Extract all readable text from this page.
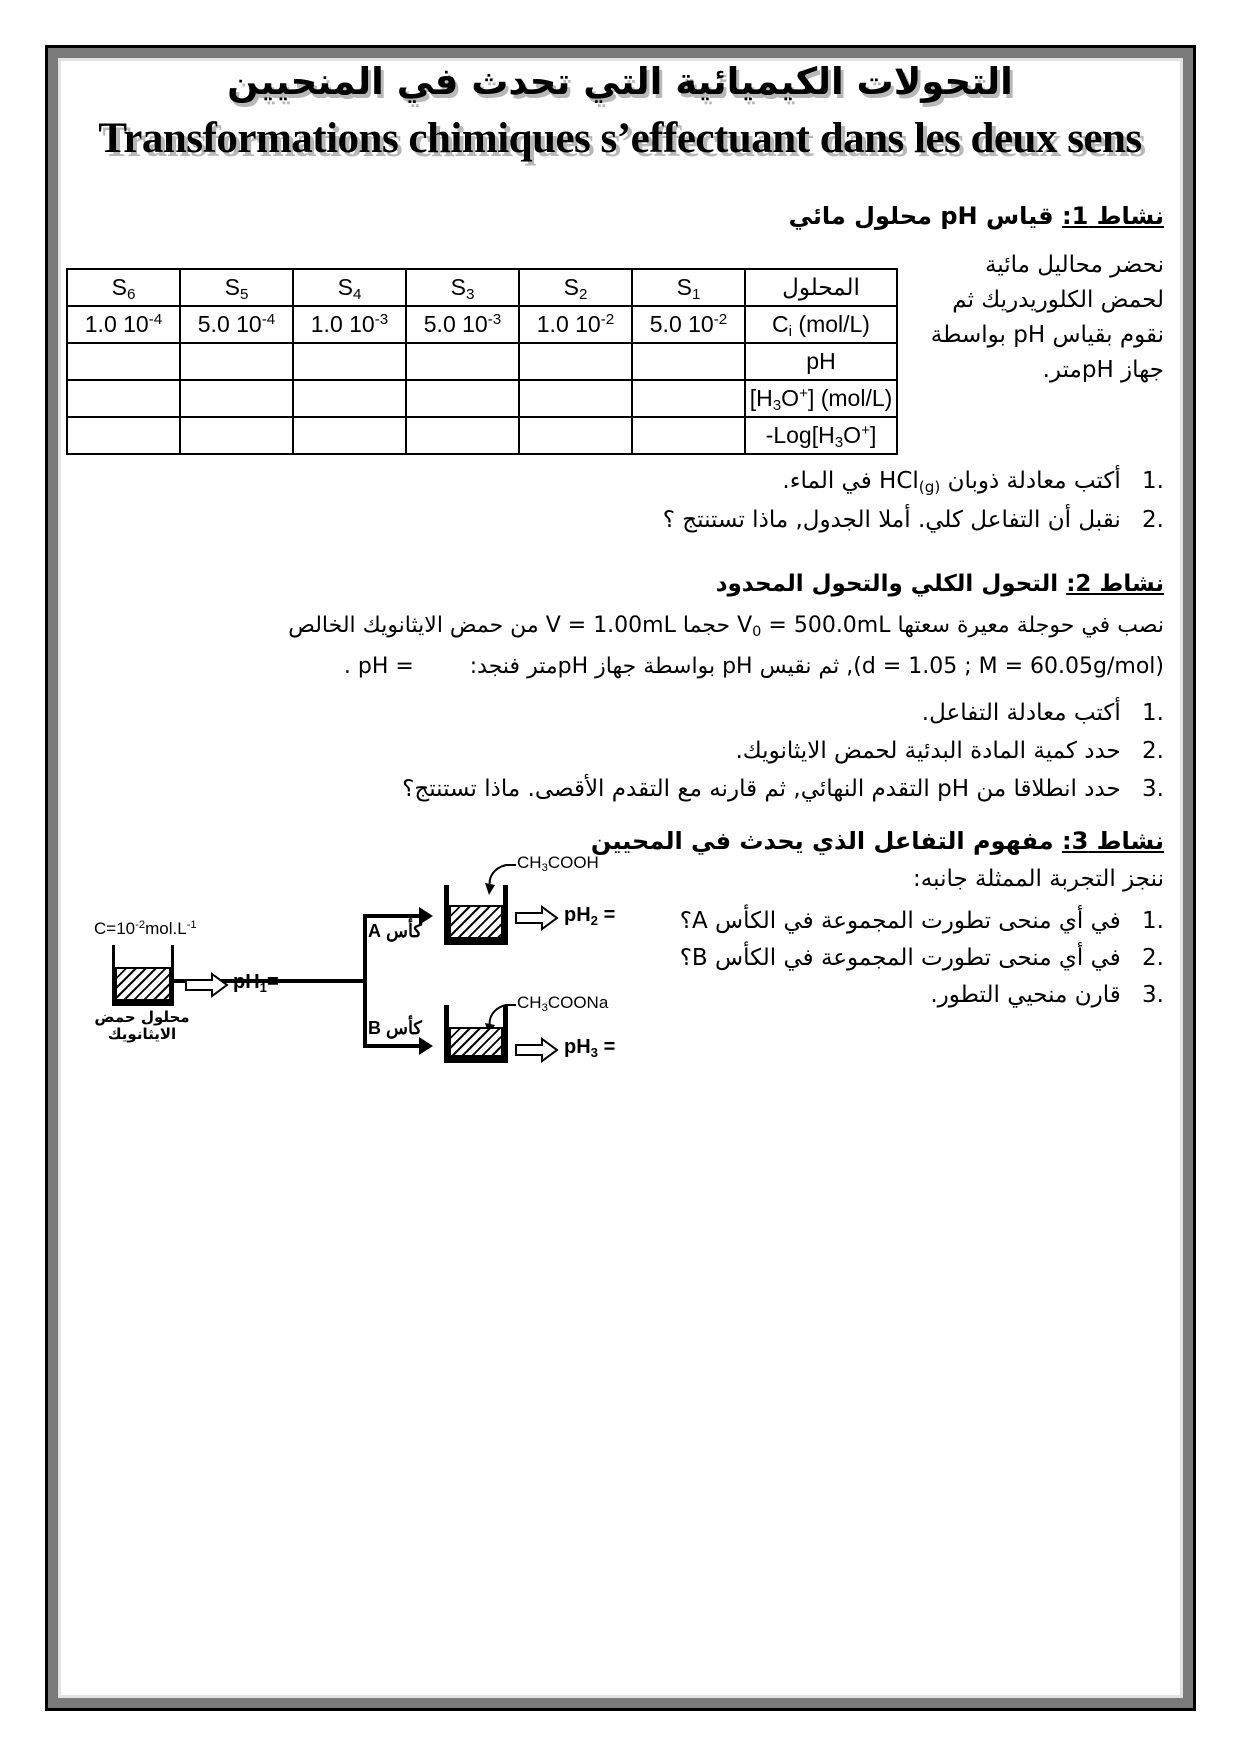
التحولات الكيميائية التي تحدث في المنحيين
Transformations chimiques s’effectuant dans les deux sens
نشاط 1: قياس pH محلول مائي
نحضر محاليل مائية
لحمض الكلوريدريك ثم
نقوم بقياس pH بواسطة
جهاز pHمتر.
$S_6$	$S_5$	$S_4$	$S_3$	$S_2$	$S_1$	المحلول
1.0 $10^{-4}$	5.0 $10^{-4}$	1.0 $10^{-3}$	5.0 $10^{-3}$	1.0 $10^{-2}$	5.0 $10^{-2}$	$C_i$ (mol/L)
						pH
						$[H_3O^+]$ (mol/L)
						$-Log[H_3O^+]$
1. أكتب معادلة ذوبان HCl$_{(g)}$ في الماء.
2. نقبل أن التفاعل كلي. أملا الجدول, ماذا تستنتج ؟
نشاط 2: التحول الكلي والتحول المحدود
نصب في حوجلة معيرة سعتها $V_0 = 500.0mL$ حجما V = 1.00mL من حمض الايثانويك الخالص
(d = 1.05 ; M = 60.05g/mol), ثم نقيس pH بواسطة جهاز pHمتر فنجد:        pH = .
1. أكتب معادلة التفاعل.
2. حدد كمية المادة البدئية لحمض الايثانويك.
3. حدد انطلاقا من pH التقدم النهائي, ثم قارنه مع التقدم الأقصى. ماذا تستنتج؟
نشاط 3: مفهوم التفاعل الذي يحدث في المحيين
ننجز التجربة الممثلة جانبه:
1. في أي منحى تطورت المجموعة في الكأس A؟
2. في أي منحى تطورت المجموعة في الكأس B؟
3. قارن منحيي التطور.
$C=10^{-2}mol.L^{-1}$
محلول حمض
الايثانويك
$pH_1=$
$CH_3COOH$
كأس A
$pH_2$ =
$CH_3COONa$
كأس B
$pH_3$ =
